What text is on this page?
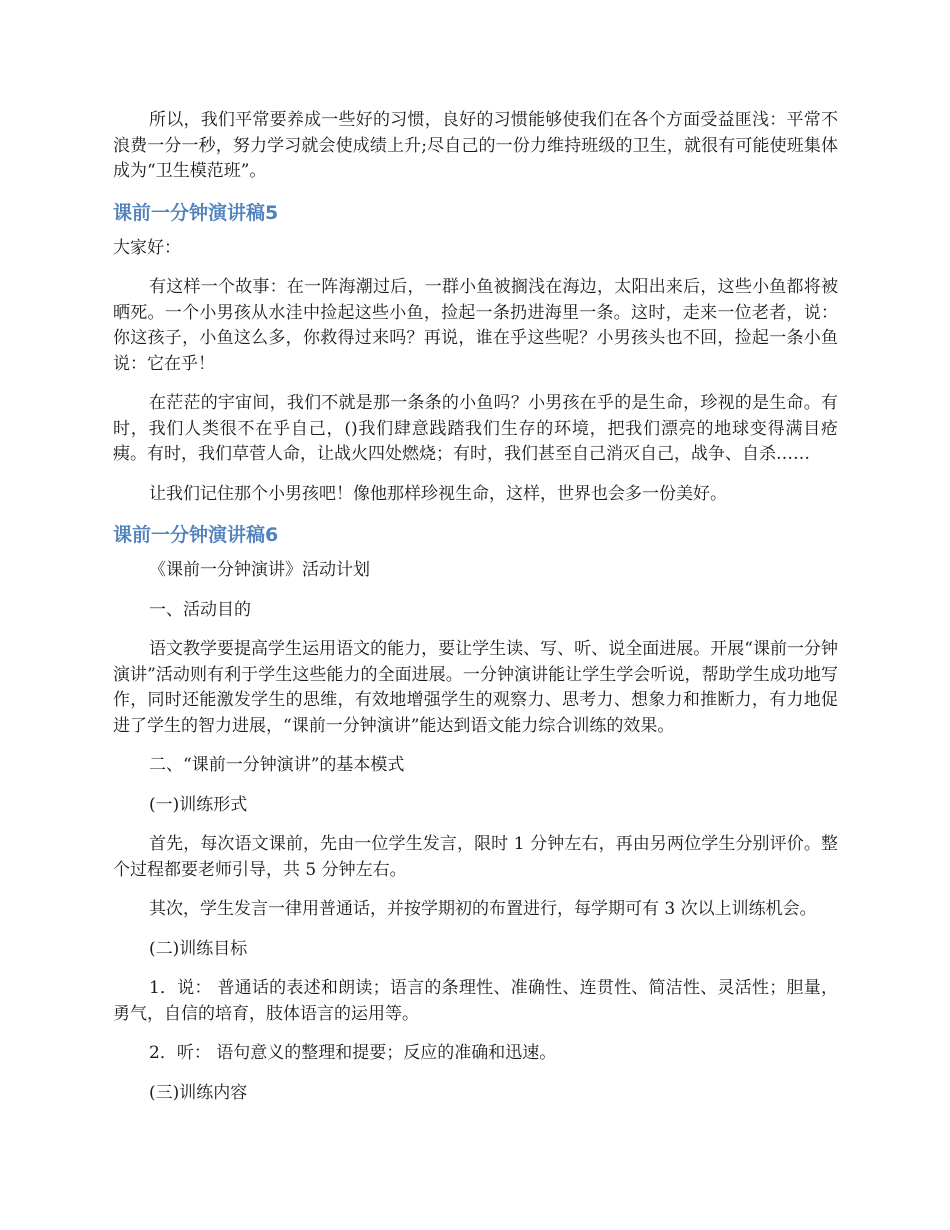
所以，我们平常要养成一些好的习惯，良好的习惯能够使我们在各个方面受益匪浅：平常不浪费一分一秒，努力学习就会使成绩上升;尽自己的一份力维持班级的卫生，就很有可能使班集体成为“卫生模范班”。

课前一分钟演讲稿5

大家好：

有这样一个故事：在一阵海潮过后，一群小鱼被搁浅在海边，太阳出来后，这些小鱼都将被晒死。一个小男孩从水洼中捡起这些小鱼，捡起一条扔进海里一条。这时，走来一位老者，说：你这孩子，小鱼这么多，你救得过来吗？再说，谁在乎这些呢？小男孩头也不回，捡起一条小鱼说：它在乎！

在茫茫的宇宙间，我们不就是那一条条的小鱼吗？小男孩在乎的是生命，珍视的是生命。有时，我们人类很不在乎自己，()我们肆意践踏我们生存的环境，把我们漂亮的地球变得满目疮痍。有时，我们草菅人命，让战火四处燃烧；有时，我们甚至自己消灭自己，战争、自杀……

让我们记住那个小男孩吧！像他那样珍视生命，这样，世界也会多一份美好。

课前一分钟演讲稿6

《课前一分钟演讲》活动计划

一、活动目的

语文教学要提高学生运用语文的能力，要让学生读、写、听、说全面进展。开展“课前一分钟演讲”活动则有利于学生这些能力的全面进展。一分钟演讲能让学生学会听说，帮助学生成功地写作，同时还能激发学生的思维，有效地增强学生的观察力、思考力、想象力和推断力，有力地促进了学生的智力进展，“课前一分钟演讲”能达到语文能力综合训练的效果。

二、“课前一分钟演讲”的基本模式

(一)训练形式

首先，每次语文课前，先由一位学生发言，限时 1 分钟左右，再由另两位学生分别评价。整个过程都要老师引导，共 5 分钟左右。

其次，学生发言一律用普通话，并按学期初的布置进行，每学期可有 3 次以上训练机会。

(二)训练目标

1．说： 普通话的表述和朗读；语言的条理性、准确性、连贯性、简洁性、灵活性；胆量，勇气，自信的培育，肢体语言的运用等。

2．听： 语句意义的整理和提要；反应的准确和迅速。

(三)训练内容
